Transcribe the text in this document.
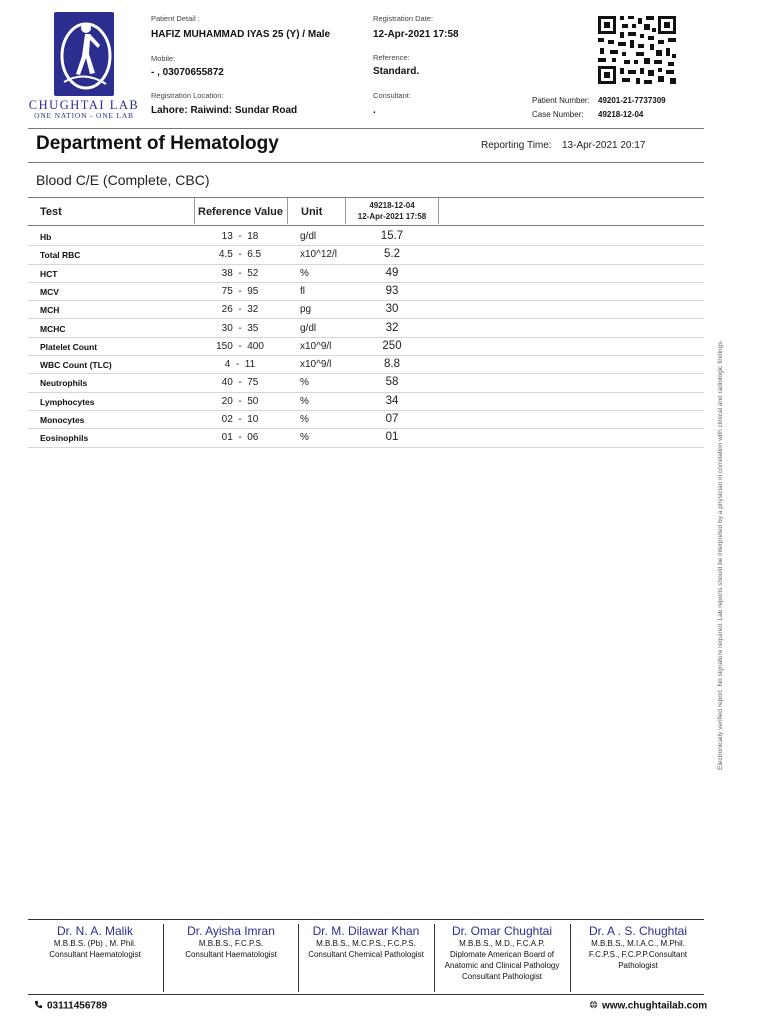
CHUGHTAI LAB
ONE NATION - ONE LAB
Patient Detail :
HAFIZ MUHAMMAD IYAS 25 (Y) / Male
Mobile:
- , 03070655872
Registration Location:
Lahore: Raiwind: Sundar Road
Registration Date:
12-Apr-2021 17:58
Reference:
Standard.
Consultant:
.
Patient Number: 49201-21-7737309
Case Number: 49218-12-04
Department of Hematology	Reporting Time: 13-Apr-2021 20:17
Blood C/E (Complete, CBC)
Test	Reference Value Unit
49218-12-04
12-Apr-2021 17:58
Hb	13  -  18	g/dl	15.7
Total RBC	4.5  -  6.5	x10^12/l	5.2
HCT	38  -  52	%	49
MCV	75  -  95	fl	93
MCH	26  -  32	pg	30
MCHC	30  -  35	g/dl	32
Platelet Count	150  -  400	x10^9/l	250
WBC Count (TLC)	4  -  11	x10^9/l	8.8
Neutrophils	40  -  75	%	58
Lymphocytes	20  -  50	%	34
Monocytes	02  -  10	%	07
Eosinophils	01  -  06	%	01	Electronically verified report. No signature required. Lab reports should be interpreted by a physician in correlation with clinical and radiologic findings.
Dr. N. A. Malik
M.B.B.S. (Pb) , M. Phil.
Consultant Haematologist
Dr. Ayisha Imran
M.B.B.S., F.C.P.S.
Consultant Haematologist
Dr. M. Dilawar Khan
M.B.B.S., M.C.P.S., F.C.P.S.
Consultant Chemical Pathologist
Dr. Omar Chughtai
M.B.B.S., M.D., F.C.A.P.
Diplomate American Board of
Anatomic and Clinical Pathology
Consultant Pathologist
Dr. A . S. Chughtai
M.B.B.S., M.I.A.C., M.Phil.
F.C.P.S., F.C.P.P.Consultant
Pathologist
03111456789	www.chughtailab.com
